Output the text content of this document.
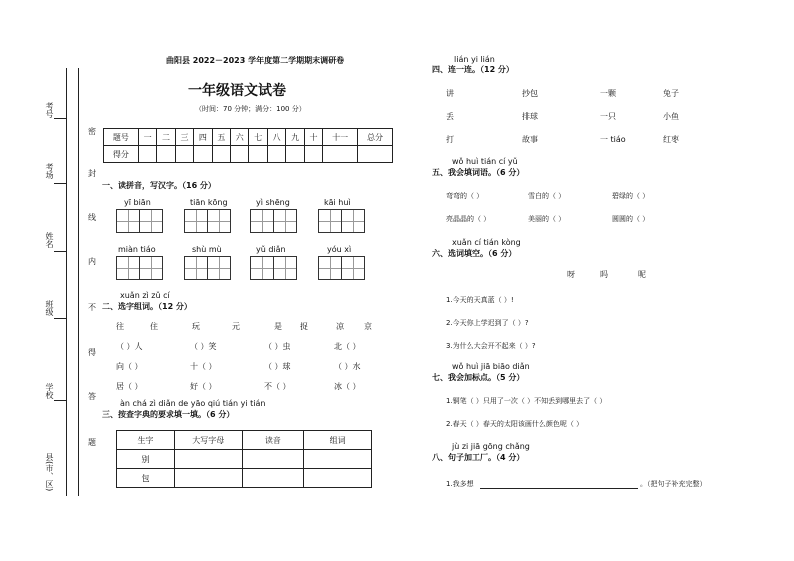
考号
考场
姓名
班级
学校
县(市、区)
密
封
线
内
不
得
答
题
曲阳县 2022－2023 学年度第二学期期末调研卷
一年级语文试卷
（时间：70 分钟；满分：100 分）
题号	一	二	三	四	五	六	七	八	九	十	十一	总分
得分												
一、读拼音，写汉字。（16 分）
yī biān	tiān kōng	yì shēng	kāi huì
miàn tiáo	shù mù	yǔ diǎn	yóu xì
xuǎn zì zǔ cí
二、选字组词。（12 分）
往	住	玩	元	是 捉	凉	京
（ ）人	（ ）笑	（ ）虫	北（ ）
向（ ）	十（ ）	（ ）球	（ ）水
居（ ）	好（ ）	不（ ）	冰（ ）
àn chá zì diǎn de yāo qiú tián yi tián
三、按查字典的要求填一填。（6 分）
生字	大写字母	读音	组词
别			
包			
lián yi lián
四、连一连。（12 分）
讲	抄包	一颗	兔子
丢	排球	一只	小鱼
打	故事	一 tiáo	红枣
wǒ huì tián cí yǔ
五、我会填词语。（6 分）
弯弯的（ ）	雪白的（ ）	碧绿的（ ）
亮晶晶的（ ）	美丽的（ ）	圆圆的（ ）
xuǎn cí tián kòng
六、选词填空。（6 分）
呀	吗	呢
1.今天的天真蓝（ ）!
2.今天你上学迟到了（ ）?
3.为什么大会开不起来（ ）?
wǒ huì jiā biāo diǎn
七、我会加标点。（5 分）
1.铜笔（ ）只用了一次（ ）不知丢到哪里去了（ ）
2.春天（ ）春天的太阳该画什么颜色呢（ ）
jù zi jiā gōng chǎng
八、句子加工厂。（4 分）
1.我多想	。（把句子补充完整）
